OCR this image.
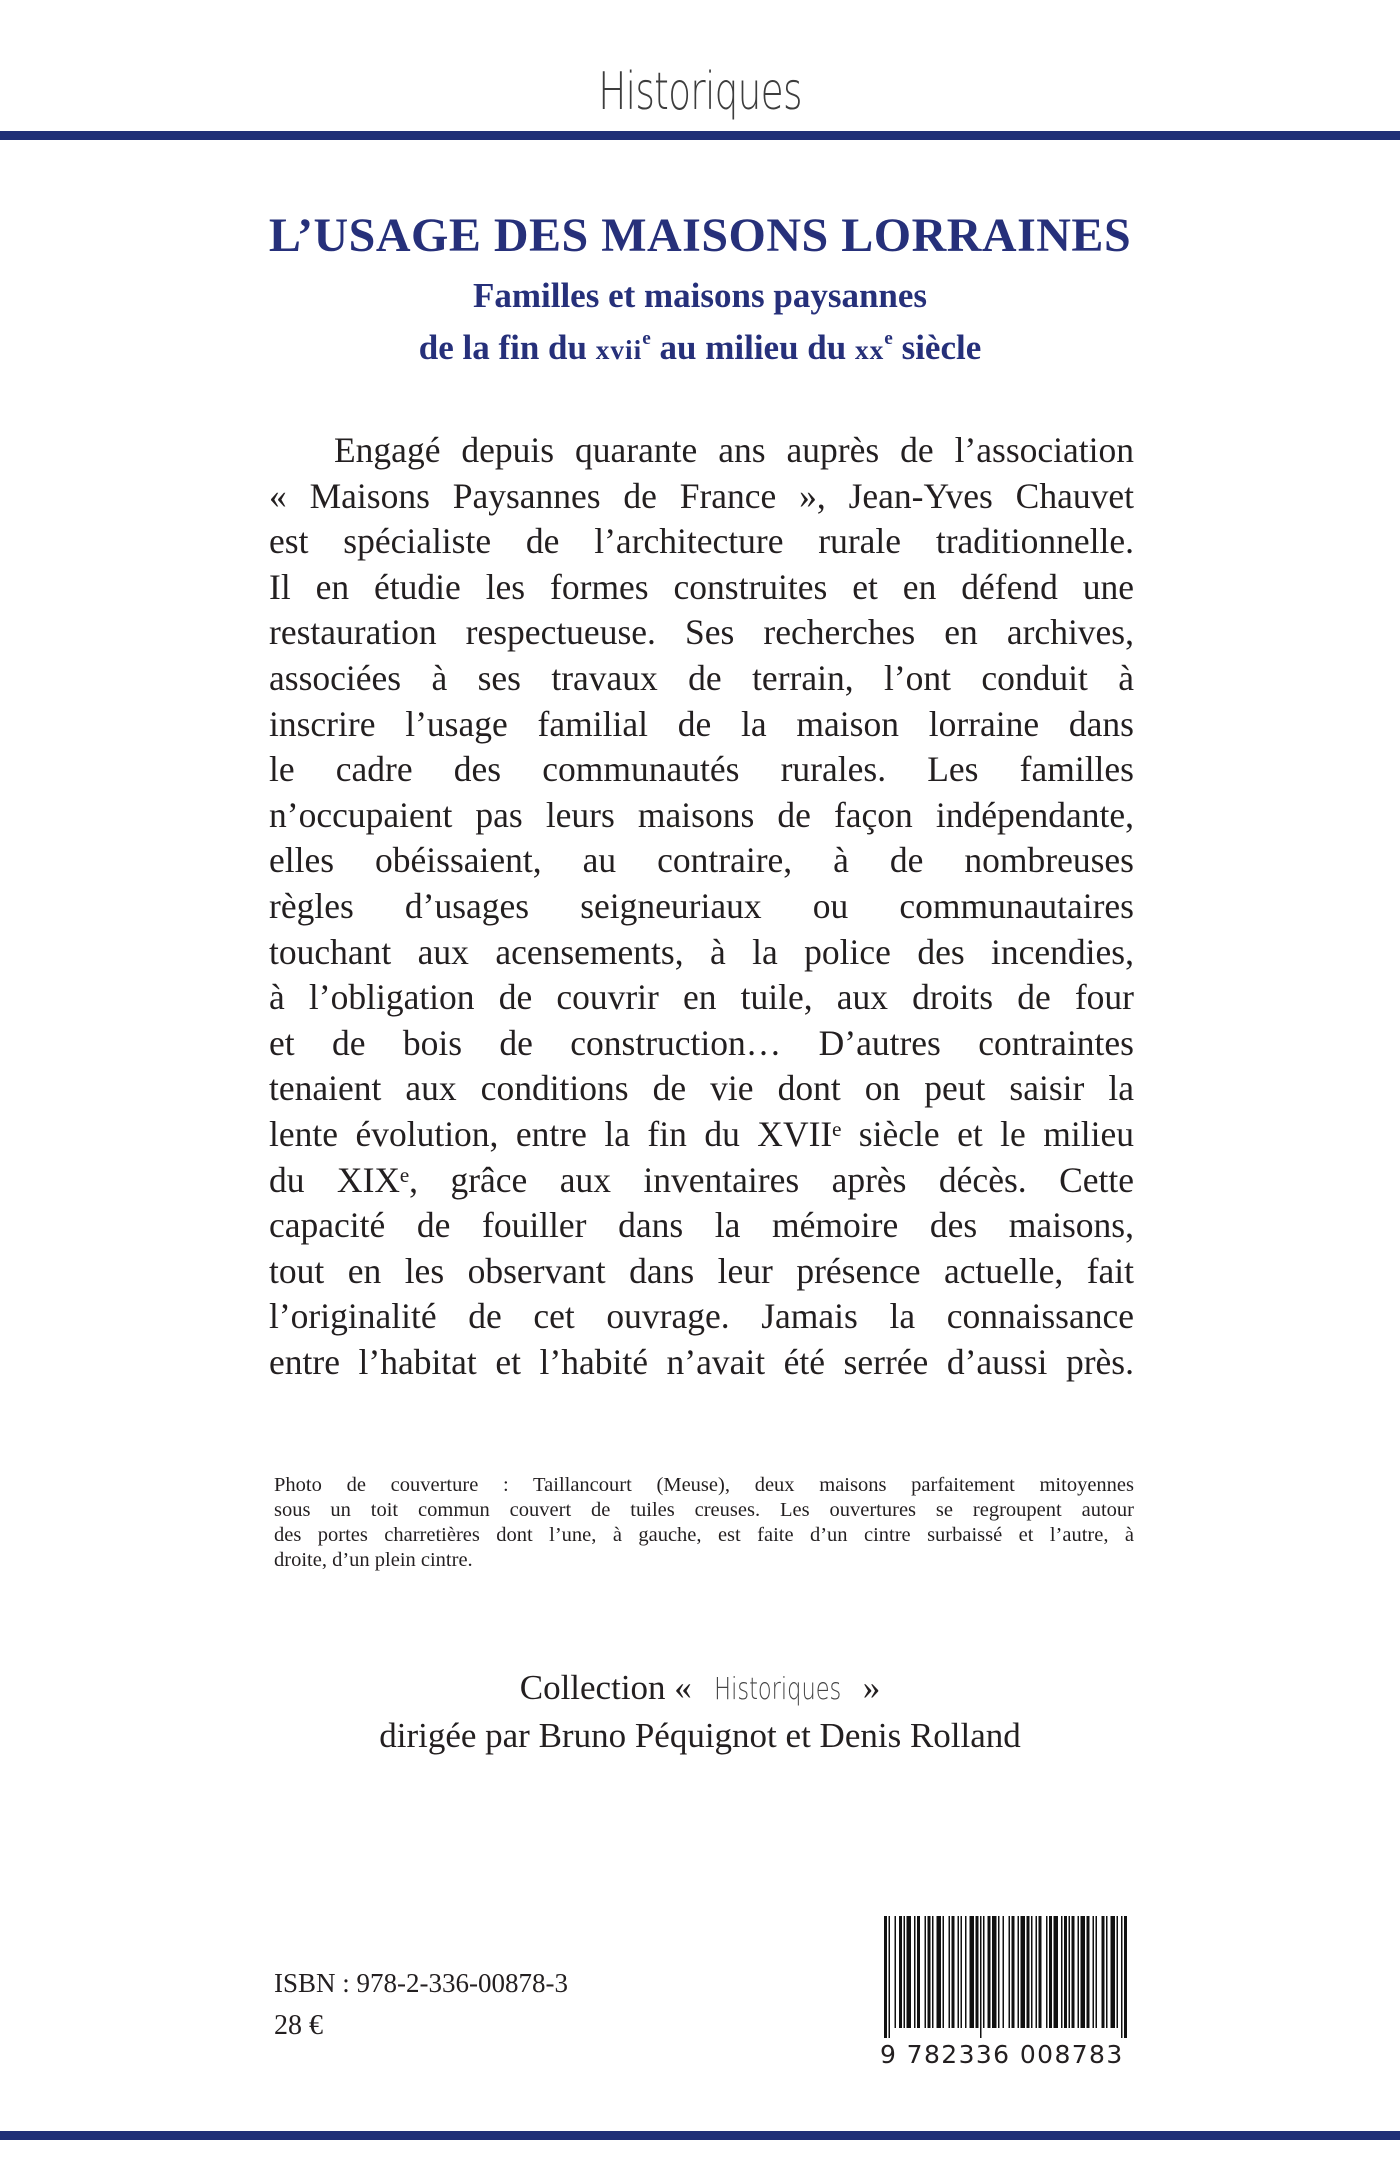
Historiques
L’USAGE DES MAISONS LORRAINES
Familles et maisons paysannes
de la fin du xvii$^e$ au milieu du $xx^e$ siècle
Engagé depuis quarante ans auprès de l’association
« Maisons Paysannes de France », Jean-Yves Chauvet
est spécialiste de l’architecture rurale traditionnelle.
Il en étudie les formes construites et en défend une
restauration respectueuse. Ses recherches en archives,
associées à ses travaux de terrain, l’ont conduit à
inscrire l’usage familial de la maison lorraine dans
le cadre des communautés rurales. Les familles
n’occupaient pas leurs maisons de façon indépendante,
elles obéissaient, au contraire, à de nombreuses
règles d’usages seigneuriaux ou communautaires
touchant aux acensements, à la police des incendies,
à l’obligation de couvrir en tuile, aux droits de four
et de bois de construction… D’autres contraintes
tenaient aux conditions de vie dont on peut saisir la
lente évolution, entre la fin du XVIIᵉ siècle et le milieu
du XIXᵉ, grâce aux inventaires après décès. Cette
capacité de fouiller dans la mémoire des maisons,
tout en les observant dans leur présence actuelle, fait
l’originalité de cet ouvrage. Jamais la connaissance
entre l’habitat et l’habité n’avait été serrée d’aussi près.
Photo de couverture : Taillancourt (Meuse), deux maisons parfaitement mitoyennes
sous un toit commun couvert de tuiles creuses. Les ouvertures se regroupent autour
des portes charretières dont l’une, à gauche, est faite d’un cintre surbaissé et l’autre, à
droite, d’un plein cintre.
Collection « Historiques »
dirigée par Bruno Péquignot et Denis Rolland
ISBN : 978-2-336-00878-3
28 €
9 782336 008783
